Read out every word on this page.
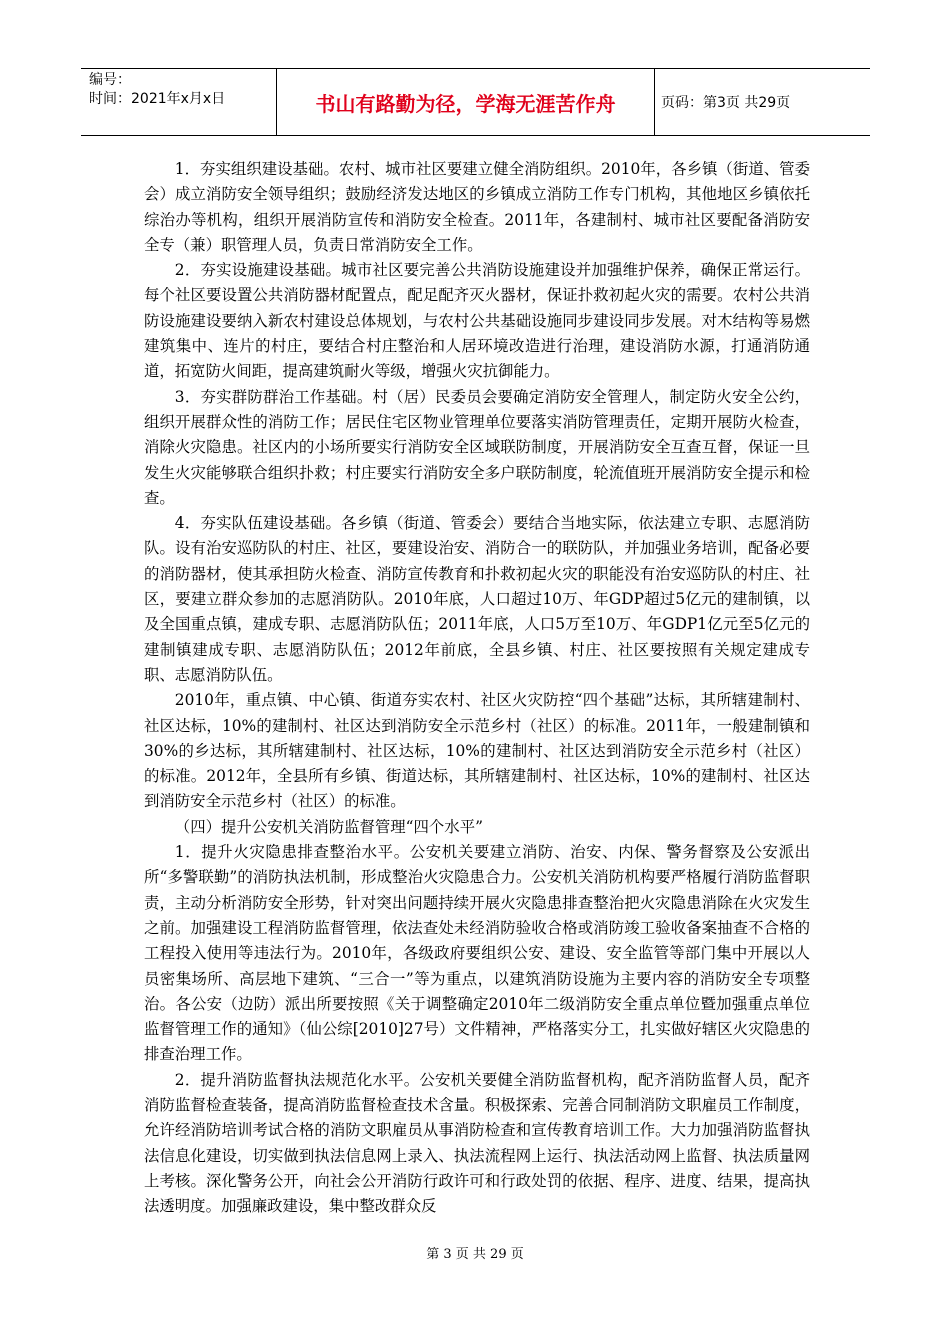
编号：
时间：2021年x月x日	书山有路勤为径，学海无涯苦作舟	页码：第3页 共29页

1．夯实组织建设基础。农村、城市社区要建立健全消防组织。2010年，各乡镇（街道、管委会）成立消防安全领导组织；鼓励经济发达地区的乡镇成立消防工作专门机构，其他地区乡镇依托综治办等机构，组织开展消防宣传和消防安全检查。2011年，各建制村、城市社区要配备消防安全专（兼）职管理人员，负责日常消防安全工作。

2．夯实设施建设基础。城市社区要完善公共消防设施建设并加强维护保养，确保正常运行。每个社区要设置公共消防器材配置点，配足配齐灭火器材，保证扑救初起火灾的需要。农村公共消防设施建设要纳入新农村建设总体规划，与农村公共基础设施同步建设同步发展。对木结构等易燃建筑集中、连片的村庄，要结合村庄整治和人居环境改造进行治理，建设消防水源，打通消防通道，拓宽防火间距，提高建筑耐火等级，增强火灾抗御能力。

3．夯实群防群治工作基础。村（居）民委员会要确定消防安全管理人，制定防火安全公约，组织开展群众性的消防工作；居民住宅区物业管理单位要落实消防管理责任，定期开展防火检查，消除火灾隐患。社区内的小场所要实行消防安全区域联防制度，开展消防安全互查互督，保证一旦发生火灾能够联合组织扑救；村庄要实行消防安全多户联防制度，轮流值班开展消防安全提示和检查。

4．夯实队伍建设基础。各乡镇（街道、管委会）要结合当地实际，依法建立专职、志愿消防队。设有治安巡防队的村庄、社区，要建设治安、消防合一的联防队，并加强业务培训，配备必要的消防器材，使其承担防火检查、消防宣传教育和扑救初起火灾的职能没有治安巡防队的村庄、社区，要建立群众参加的志愿消防队。2010年底，人口超过10万、年GDP超过5亿元的建制镇，以及全国重点镇，建成专职、志愿消防队伍；2011年底，人口5万至10万、年GDP1亿元至5亿元的建制镇建成专职、志愿消防队伍；2012年前底，全县乡镇、村庄、社区要按照有关规定建成专职、志愿消防队伍。

2010年，重点镇、中心镇、街道夯实农村、社区火灾防控“四个基础”达标，其所辖建制村、社区达标，10%的建制村、社区达到消防安全示范乡村（社区）的标准。2011年，一般建制镇和30%的乡达标，其所辖建制村、社区达标，10%的建制村、社区达到消防安全示范乡村（社区）的标准。2012年，全县所有乡镇、街道达标，其所辖建制村、社区达标，10%的建制村、社区达到消防安全示范乡村（社区）的标准。

（四）提升公安机关消防监督管理“四个水平”

1．提升火灾隐患排查整治水平。公安机关要建立消防、治安、内保、警务督察及公安派出所“多警联勤”的消防执法机制，形成整治火灾隐患合力。公安机关消防机构要严格履行消防监督职责，主动分析消防安全形势，针对突出问题持续开展火灾隐患排查整治把火灾隐患消除在火灾发生之前。加强建设工程消防监督管理，依法查处未经消防验收合格或消防竣工验收备案抽查不合格的工程投入使用等违法行为。2010年，各级政府要组织公安、建设、安全监管等部门集中开展以人员密集场所、高层地下建筑、“三合一”等为重点，以建筑消防设施为主要内容的消防安全专项整治。各公安（边防）派出所要按照《关于调整确定2010年二级消防安全重点单位暨加强重点单位监督管理工作的通知》（仙公综[2010]27号）文件精神，严格落实分工，扎实做好辖区火灾隐患的排查治理工作。

2．提升消防监督执法规范化水平。公安机关要健全消防监督机构，配齐消防监督人员，配齐消防监督检查装备，提高消防监督检查技术含量。积极探索、完善合同制消防文职雇员工作制度，允许经消防培训考试合格的消防文职雇员从事消防检查和宣传教育培训工作。大力加强消防监督执法信息化建设，切实做到执法信息网上录入、执法流程网上运行、执法活动网上监督、执法质量网上考核。深化警务公开，向社会公开消防行政许可和行政处罚的依据、程序、进度、结果，提高执法透明度。加强廉政建设，集中整改群众反

第 3 页 共 29 页
